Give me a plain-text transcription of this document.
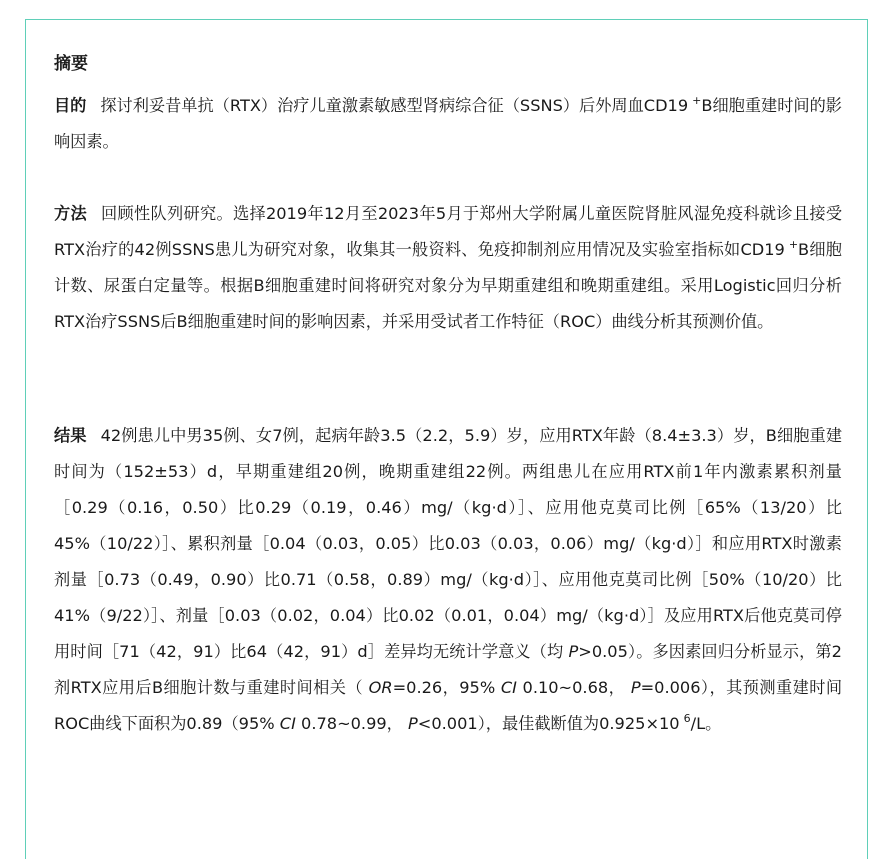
摘要

目的 探讨利妥昔单抗（RTX）治疗儿童激素敏感型肾病综合征（SSNS）后外周血CD19 +B细胞重建时间的影响因素。

方法 回顾性队列研究。选择2019年12月至2023年5月于郑州大学附属儿童医院肾脏风湿免疫科就诊且接受RTX治疗的42例SSNS患儿为研究对象，收集其一般资料、免疫抑制剂应用情况及实验室指标如CD19 +B细胞计数、尿蛋白定量等。根据B细胞重建时间将研究对象分为早期重建组和晚期重建组。采用Logistic回归分析RTX治疗SSNS后B细胞重建时间的影响因素，并采用受试者工作特征（ROC）曲线分析其预测价值。

结果 42例患儿中男35例、女7例，起病年龄3.5（2.2，5.9）岁，应用RTX年龄（8.4±3.3）岁，B细胞重建时间为（152±53）d，早期重建组20例，晚期重建组22例。两组患儿在应用RTX前1年内激素累积剂量［0.29（0.16，0.50）比0.29（0.19，0.46）mg/（kg·d）］、应用他克莫司比例［65%（13/20）比45%（10/22）］、累积剂量［0.04（0.03，0.05）比0.03（0.03，0.06）mg/（kg·d）］和应用RTX时激素剂量［0.73（0.49，0.90）比0.71（0.58，0.89）mg/（kg·d）］、应用他克莫司比例［50%（10/20）比41%（9/22）］、剂量［0.03（0.02，0.04）比0.02（0.01，0.04）mg/（kg·d）］及应用RTX后他克莫司停用时间［71（42，91）比64（42，91）d］差异均无统计学意义（均 P>0.05）。多因素回归分析显示，第2剂RTX应用后B细胞计数与重建时间相关（ OR=0.26，95% CI 0.10~0.68， P=0.006），其预测重建时间ROC曲线下面积为0.89（95% CI 0.78~0.99， P<0.001），最佳截断值为0.925×10 $^6$/L。
